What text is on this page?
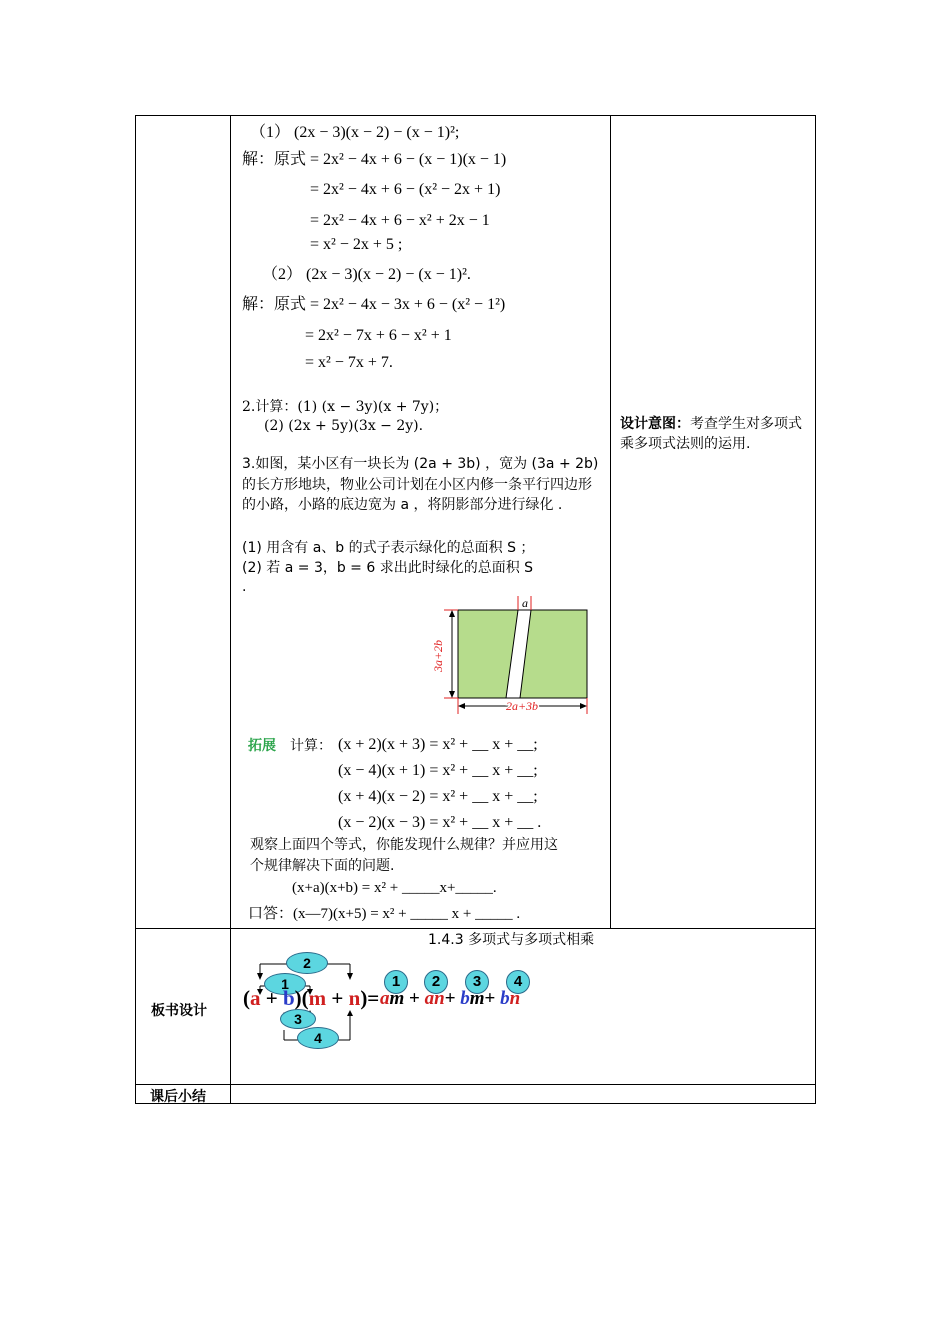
（1） (2x − 3)(x − 2) − (x − 1)²;
解：原式 = 2x² − 4x + 6 − (x − 1)(x − 1)
= 2x² − 4x + 6 − (x² − 2x + 1)
= 2x² − 4x + 6 − x² + 2x − 1
= x² − 2x + 5 ;
（2） (2x − 3)(x − 2) − (x − 1)².
解：原式 = 2x² − 4x − 3x + 6 − (x² − 1²)
= 2x² − 7x + 6 − x² + 1
= x² − 7x + 7.
2.计算：(1) (x − 3y)(x + 7y)；
(2) (2x + 5y)(3x − 2y).
3.如图，某小区有一块长为 (2a + 3b) ，宽为 (3a + 2b) 的长方形地块，物业公司计划在小区内修一条平行四边形的小路，小路的底边宽为 a ，将阴影部分进行绿化 .
(1) 用含有 a、b 的式子表示绿化的总面积 S ；
(2) 若 a = 3，b = 6 求出此时绿化的总面积 S
.
a
3a+2b
2a+3b
拓展 计算： (x + 2)(x + 3) = x² + __ x + __;
(x − 4)(x + 1) = x² + __ x + __;
(x + 4)(x − 2) = x² + __ x + __;
(x − 2)(x − 3) = x² + __ x + __ .
观察上面四个等式，你能发现什么规律？并应用这
个规律解决下面的问题.
(x+a)(x+b) = x² + _____x+_____.
口答：(x—7)(x+5) = x² + _____ x + _____ .
设计意图：考查学生对多项式乘多项式法则的运用.
板书设计
1.4.3 多项式与多项式相乘
2
1
3
4
(a + b)(m + n)=
1	2	3	4
am + an+ bm+ bn
课后小结
